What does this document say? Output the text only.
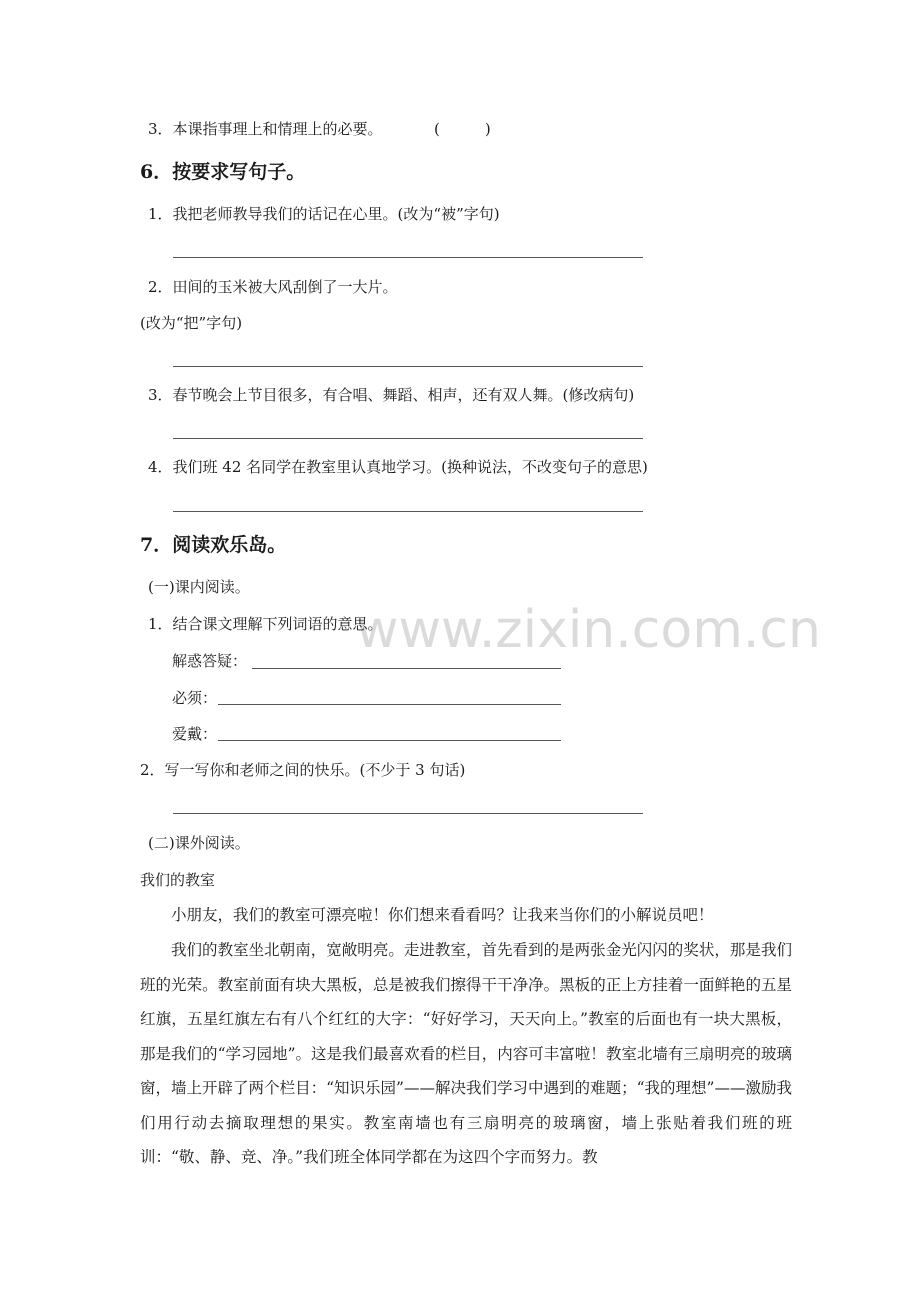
www.zixin.com.cn
3．本课指事理上和情理上的必要。	(　　　)
6．按要求写句子。
1．我把老师教导我们的话记在心里。(改为“被”字句)
2．田间的玉米被大风刮倒了一大片。
(改为“把”字句)
3．春节晚会上节目很多，有合唱、舞蹈、相声，还有双人舞。(修改病句)
4．我们班 42 名同学在教室里认真地学习。(换种说法，不改变句子的意思)
7．阅读欢乐岛。
(一)课内阅读。
1．结合课文理解下列词语的意思。
解惑答疑：
必须：
爱戴：
2．写一写你和老师之间的快乐。(不少于 3 句话)
(二)课外阅读。
我们的教室
小朋友，我们的教室可漂亮啦！你们想来看看吗？让我来当你们的小解说员吧！
我们的教室坐北朝南，宽敞明亮。走进教室，首先看到的是两张金光闪闪的奖状，那是我们班的光荣。教室前面有块大黑板，总是被我们擦得干干净净。黑板的正上方挂着一面鲜艳的五星红旗，五星红旗左右有八个红红的大字：“好好学习，天天向上。”教室的后面也有一块大黑板，那是我们的“学习园地”。这是我们最喜欢看的栏目，内容可丰富啦！教室北墙有三扇明亮的玻璃窗，墙上开辟了两个栏目：“知识乐园”——解决我们学习中遇到的难题；“我的理想”——激励我们用行动去摘取理想的果实。教室南墙也有三扇明亮的玻璃窗，墙上张贴着我们班的班训：“敬、静、竞、净。”我们班全体同学都在为这四个字而努力。教
